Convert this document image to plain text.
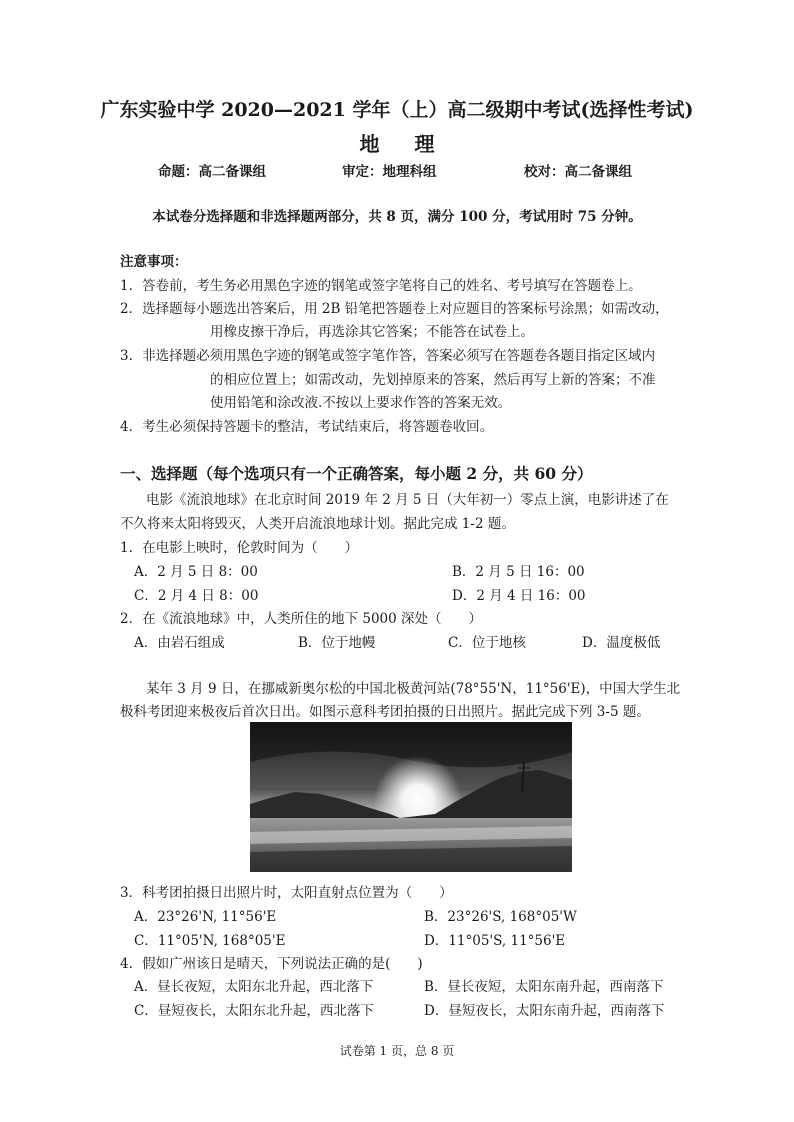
广东实验中学 2020—2021 学年（上）高二级期中考试(选择性考试)
地 理
命题：高二备课组	审定：地理科组	校对：高二备课组
本试卷分选择题和非选择题两部分，共 8 页，满分 100 分，考试用时 75 分钟。
注意事项：
1．答卷前，考生务必用黑色字迹的钢笔或签字笔将自己的姓名、考号填写在答题卷上。
2．选择题每小题选出答案后，用 2B 铅笔把答题卷上对应题目的答案标号涂黑；如需改动，
用橡皮擦干净后，再选涂其它答案；不能答在试卷上。
3．非选择题必须用黑色字迹的钢笔或签字笔作答，答案必须写在答题卷各题目指定区域内
的相应位置上；如需改动，先划掉原来的答案，然后再写上新的答案；不准
使用铅笔和涂改液.不按以上要求作答的答案无效。
4．考生必须保持答题卡的整洁，考试结束后，将答题卷收回。
一、选择题（每个选项只有一个正确答案，每小题 2 分，共 60 分）
电影《流浪地球》在北京时间 2019 年 2 月 5 日（大年初一）零点上演，电影讲述了在
不久将来太阳将毁灭，人类开启流浪地球计划。据此完成 1-2 题。
1．在电影上映时，伦敦时间为（　　）
A．2 月 5 日 8：00	B．2 月 5 日 16：00
C．2 月 4 日 8：00	D．2 月 4 日 16：00
2．在《流浪地球》中，人类所住的地下 5000 深处（　　）
A．由岩石组成	B．位于地幔	C．位于地核	D．温度极低
某年 3 月 9 日，在挪威新奥尔松的中国北极黄河站(78°55'N，11°56'E)，中国大学生北
极科考团迎来极夜后首次日出。如图示意科考团拍摄的日出照片。据此完成下列 3-5 题。
3．科考团拍摄日出照片时，太阳直射点位置为（　　）
A．23°26'N, 11°56'E	B．23°26'S, 168°05'W
C．11°05'N, 168°05'E	D．11°05'S, 11°56'E
4．假如广州该日是晴天，下列说法正确的是(　　)
A．昼长夜短，太阳东北升起，西北落下	B．昼长夜短，太阳东南升起，西南落下
C．昼短夜长，太阳东北升起，西北落下	D．昼短夜长，太阳东南升起，西南落下
试卷第 1 页，总 8 页
